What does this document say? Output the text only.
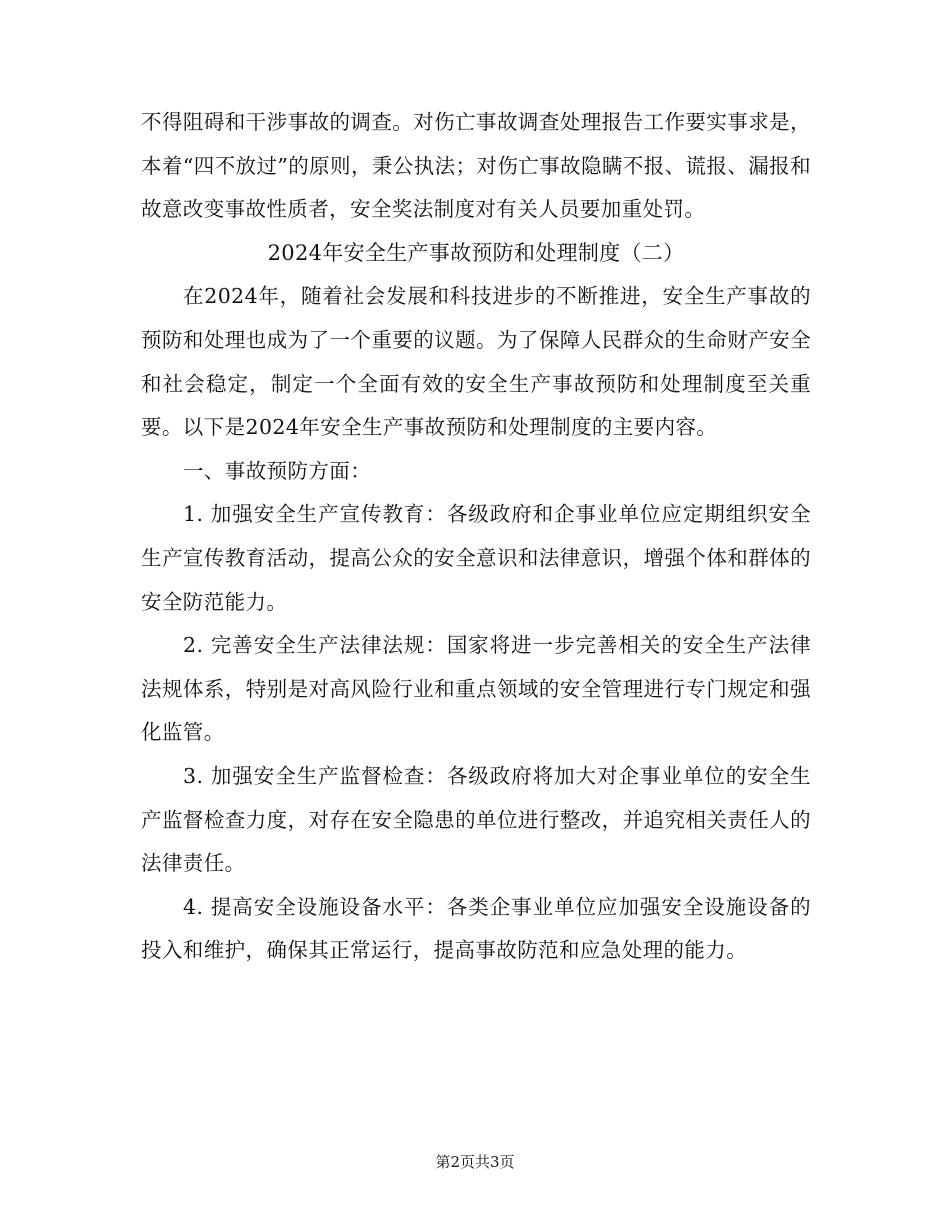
不得阻碍和干涉事故的调查。对伤亡事故调查处理报告工作要实事求是，本着“四不放过”的原则，秉公执法；对伤亡事故隐瞒不报、谎报、漏报和故意改变事故性质者，安全奖法制度对有关人员要加重处罚。

2024年安全生产事故预防和处理制度（二）

在2024年，随着社会发展和科技进步的不断推进，安全生产事故的预防和处理也成为了一个重要的议题。为了保障人民群众的生命财产安全和社会稳定，制定一个全面有效的安全生产事故预防和处理制度至关重要。以下是2024年安全生产事故预防和处理制度的主要内容。

一、事故预防方面：

1. 加强安全生产宣传教育：各级政府和企事业单位应定期组织安全生产宣传教育活动，提高公众的安全意识和法律意识，增强个体和群体的安全防范能力。

2. 完善安全生产法律法规：国家将进一步完善相关的安全生产法律法规体系，特别是对高风险行业和重点领域的安全管理进行专门规定和强化监管。

3. 加强安全生产监督检查：各级政府将加大对企事业单位的安全生产监督检查力度，对存在安全隐患的单位进行整改，并追究相关责任人的法律责任。

4. 提高安全设施设备水平：各类企事业单位应加强安全设施设备的投入和维护，确保其正常运行，提高事故防范和应急处理的能力。

第2页共3页
